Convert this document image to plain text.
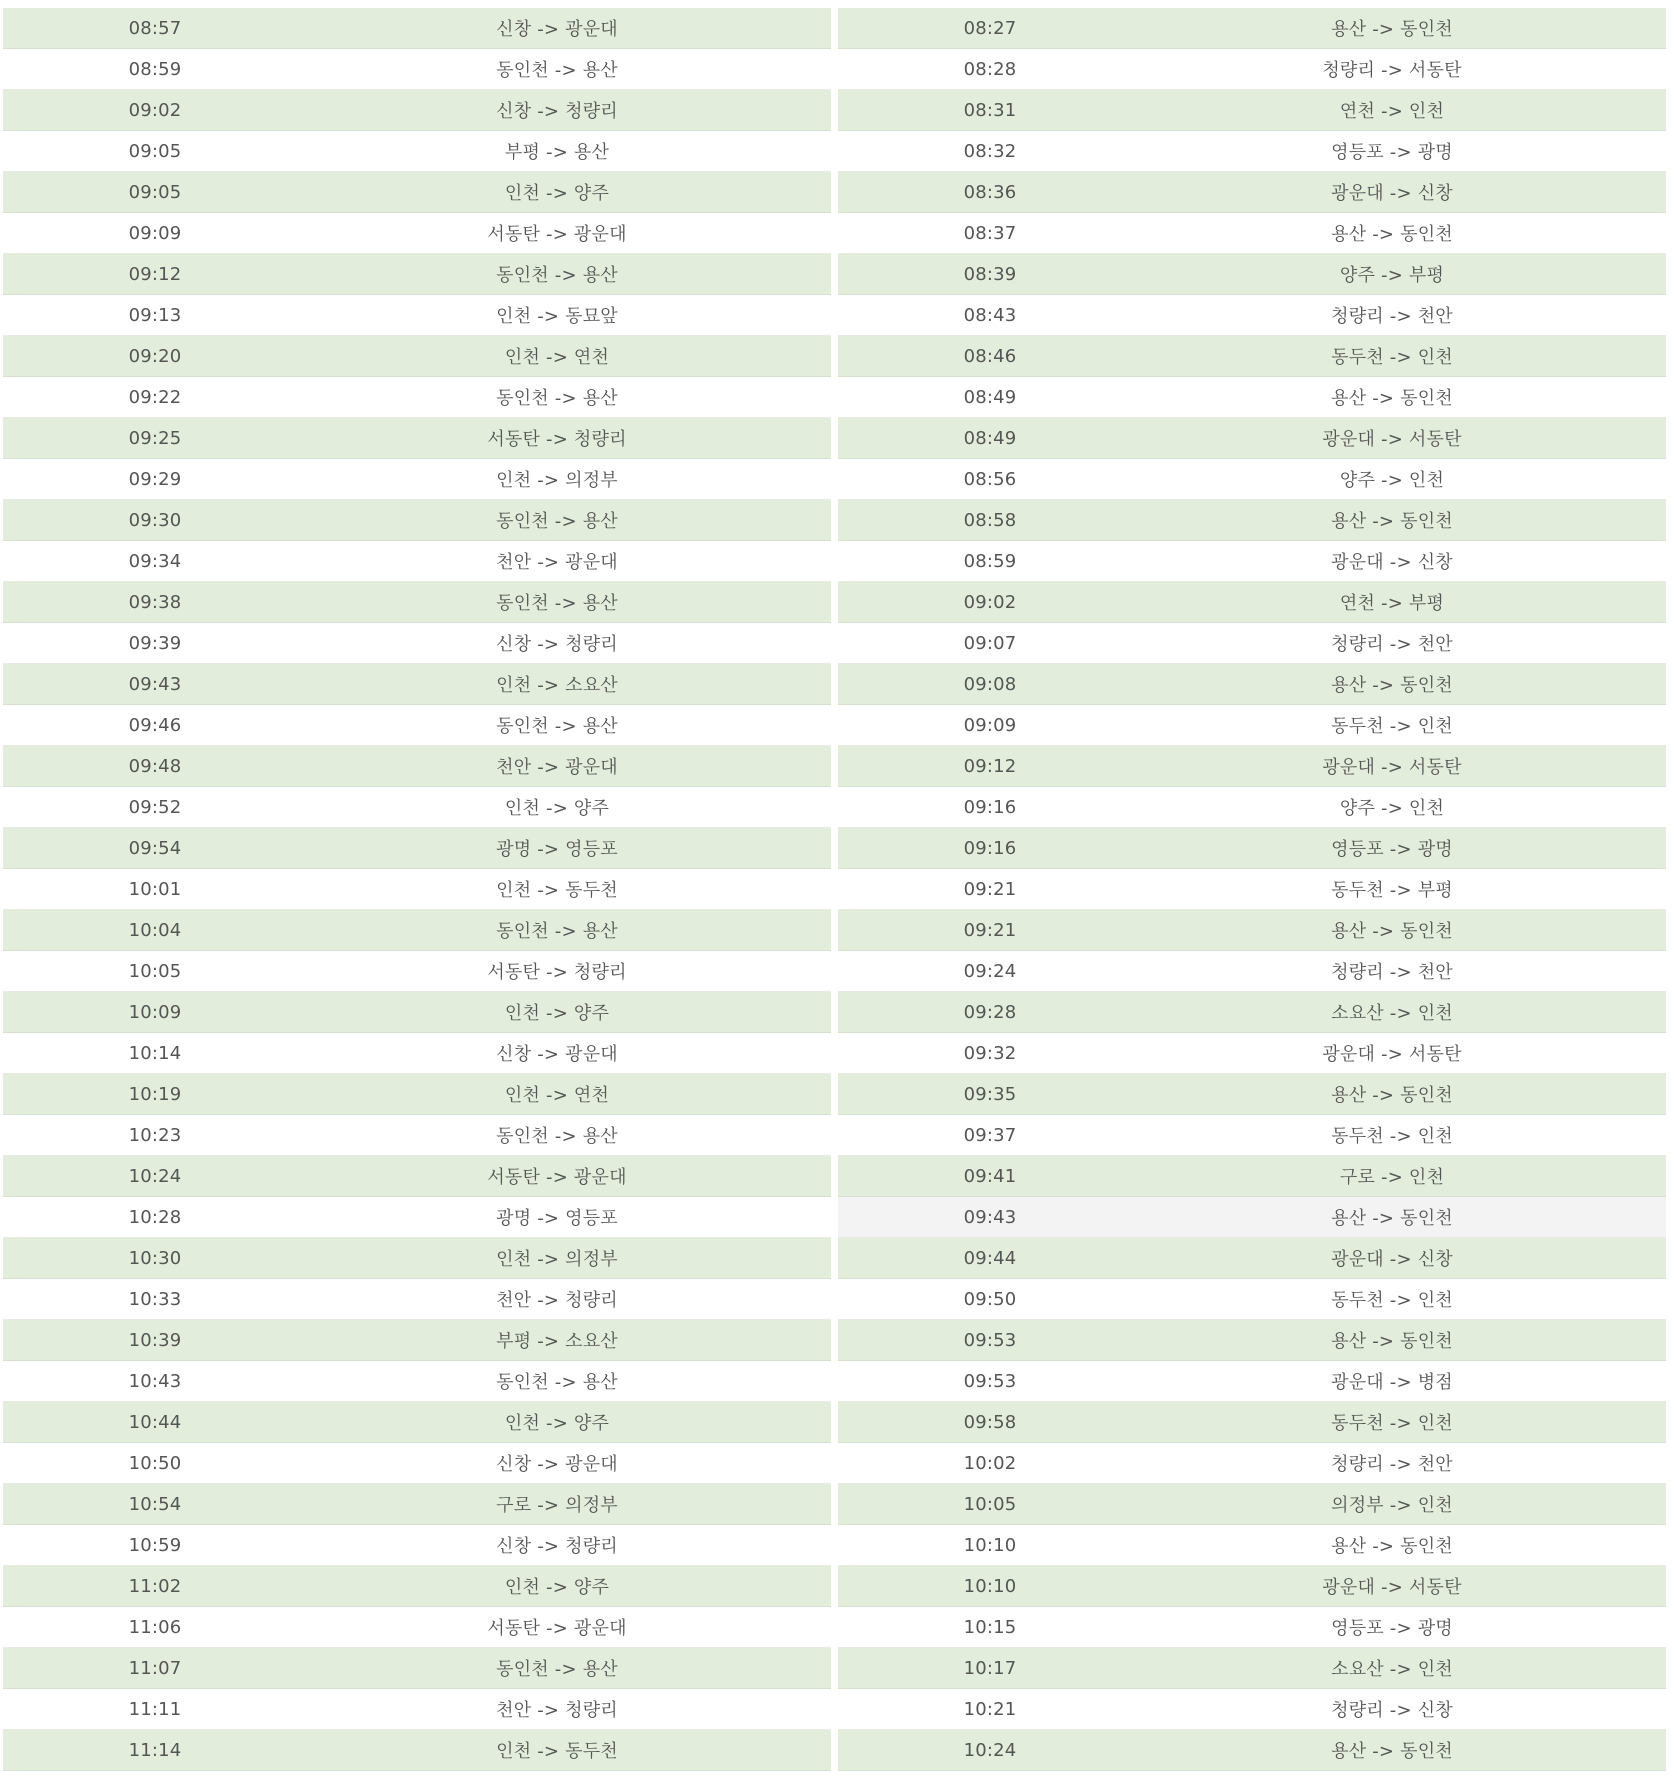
08:57	신창 -> 광운대
08:59	동인천 -> 용산
09:02	신창 -> 청량리
09:05	부평 -> 용산
09:05	인천 -> 양주
09:09	서동탄 -> 광운대
09:12	동인천 -> 용산
09:13	인천 -> 동묘앞
09:20	인천 -> 연천
09:22	동인천 -> 용산
09:25	서동탄 -> 청량리
09:29	인천 -> 의정부
09:30	동인천 -> 용산
09:34	천안 -> 광운대
09:38	동인천 -> 용산
09:39	신창 -> 청량리
09:43	인천 -> 소요산
09:46	동인천 -> 용산
09:48	천안 -> 광운대
09:52	인천 -> 양주
09:54	광명 -> 영등포
10:01	인천 -> 동두천
10:04	동인천 -> 용산
10:05	서동탄 -> 청량리
10:09	인천 -> 양주
10:14	신창 -> 광운대
10:19	인천 -> 연천
10:23	동인천 -> 용산
10:24	서동탄 -> 광운대
10:28	광명 -> 영등포
10:30	인천 -> 의정부
10:33	천안 -> 청량리
10:39	부평 -> 소요산
10:43	동인천 -> 용산
10:44	인천 -> 양주
10:50	신창 -> 광운대
10:54	구로 -> 의정부
10:59	신창 -> 청량리
11:02	인천 -> 양주
11:06	서동탄 -> 광운대
11:07	동인천 -> 용산
11:11	천안 -> 청량리
11:14	인천 -> 동두천
08:27	용산 -> 동인천
08:28	청량리 -> 서동탄
08:31	연천 -> 인천
08:32	영등포 -> 광명
08:36	광운대 -> 신창
08:37	용산 -> 동인천
08:39	양주 -> 부평
08:43	청량리 -> 천안
08:46	동두천 -> 인천
08:49	용산 -> 동인천
08:49	광운대 -> 서동탄
08:56	양주 -> 인천
08:58	용산 -> 동인천
08:59	광운대 -> 신창
09:02	연천 -> 부평
09:07	청량리 -> 천안
09:08	용산 -> 동인천
09:09	동두천 -> 인천
09:12	광운대 -> 서동탄
09:16	양주 -> 인천
09:16	영등포 -> 광명
09:21	동두천 -> 부평
09:21	용산 -> 동인천
09:24	청량리 -> 천안
09:28	소요산 -> 인천
09:32	광운대 -> 서동탄
09:35	용산 -> 동인천
09:37	동두천 -> 인천
09:41	구로 -> 인천
09:43	용산 -> 동인천
09:44	광운대 -> 신창
09:50	동두천 -> 인천
09:53	용산 -> 동인천
09:53	광운대 -> 병점
09:58	동두천 -> 인천
10:02	청량리 -> 천안
10:05	의정부 -> 인천
10:10	용산 -> 동인천
10:10	광운대 -> 서동탄
10:15	영등포 -> 광명
10:17	소요산 -> 인천
10:21	청량리 -> 신창
10:24	용산 -> 동인천
